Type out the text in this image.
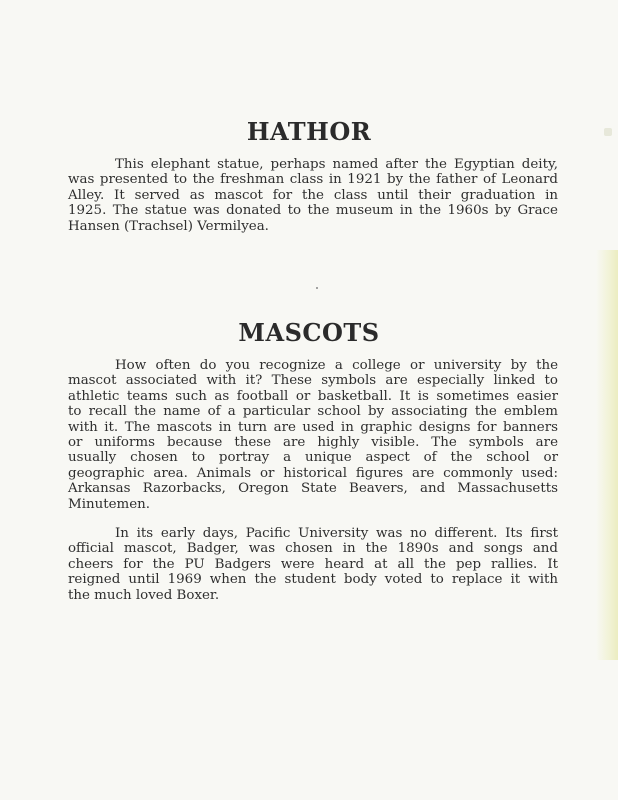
HATHOR
This elephant statue, perhaps named after the Egyptian deity,
was presented to the freshman class in 1921 by the father of Leonard
Alley. It served as mascot for the class until their graduation in
1925. The statue was donated to the museum in the 1960s by Grace
Hansen (Trachsel) Vermilyea.
MASCOTS
How often do you recognize a college or university by the
mascot associated with it? These symbols are especially linked to
athletic teams such as football or basketball. It is sometimes easier
to recall the name of a particular school by associating the emblem
with it. The mascots in turn are used in graphic designs for banners
or uniforms because these are highly visible. The symbols are
usually chosen to portray a unique aspect of the school or
geographic area. Animals or historical figures are commonly used:
Arkansas Razorbacks, Oregon State Beavers, and Massachusetts
Minutemen.
In its early days, Pacific University was no different. Its first
official mascot, Badger, was chosen in the 1890s and songs and
cheers for the PU Badgers were heard at all the pep rallies. It
reigned until 1969 when the student body voted to replace it with
the much loved Boxer.
